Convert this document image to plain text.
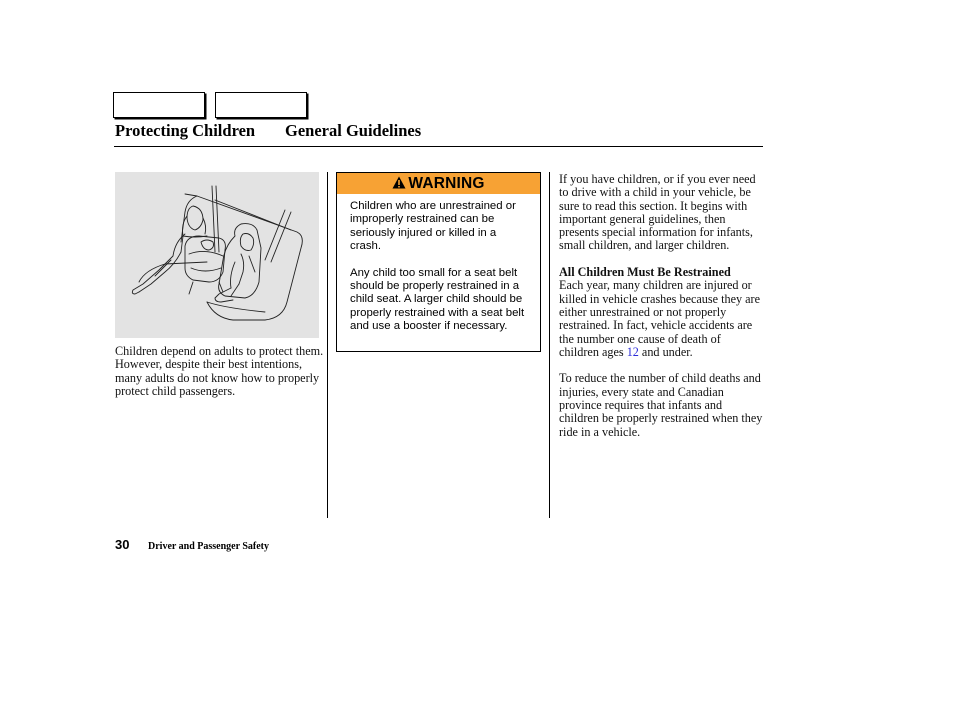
Protecting Children General Guidelines
Children depend on adults to protect them. However, despite their best intentions, many adults do not know how to properly protect child passengers.
WARNING

Children who are unrestrained or improperly restrained can be seriously injured or killed in a crash.

Any child too small for a seat belt should be properly restrained in a child seat. A larger child should be properly restrained with a seat belt and use a booster if necessary.

If you have children, or if you ever need to drive with a child in your vehicle, be sure to read this section. It begins with important general guidelines, then presents special information for infants, small children, and larger children.

All Children Must Be Restrained

Each year, many children are injured or killed in vehicle crashes because they are either unrestrained or not properly restrained. In fact, vehicle accidents are the number one cause of death of children ages 12 and under.

To reduce the number of child deaths and injuries, every state and Canadian province requires that infants and children be properly restrained when they ride in a vehicle.

30 Driver and Passenger Safety
